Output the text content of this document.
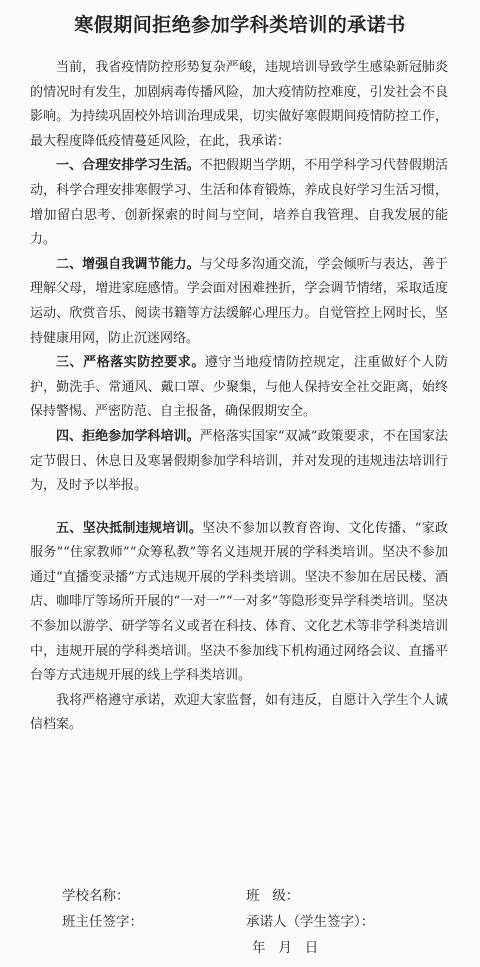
寒假期间拒绝参加学科类培训的承诺书

当前，我省疫情防控形势复杂严峻，违规培训导致学生感染新冠肺炎的情况时有发生，加剧病毒传播风险，加大疫情防控难度，引发社会不良影响。为持续巩固校外培训治理成果，切实做好寒假期间疫情防控工作，最大程度降低疫情蔓延风险，在此，我承诺：

一、合理安排学习生活。不把假期当学期，不用学科学习代替假期活动，科学合理安排寒假学习、生活和体育锻炼，养成良好学习生活习惯，增加留白思考、创新探索的时间与空间，培养自我管理、自我发展的能力。

二、增强自我调节能力。与父母多沟通交流，学会倾听与表达，善于理解父母，增进家庭感情。学会面对困难挫折，学会调节情绪，采取适度运动、欣赏音乐、阅读书籍等方法缓解心理压力。自觉管控上网时长，坚持健康用网，防止沉迷网络。

三、严格落实防控要求。遵守当地疫情防控规定，注重做好个人防护，勤洗手、常通风、戴口罩、少聚集，与他人保持安全社交距离，始终保持警惕、严密防范、自主报备，确保假期安全。

四、拒绝参加学科培训。严格落实国家“双减”政策要求，不在国家法定节假日、休息日及寒暑假期参加学科培训，并对发现的违规违法培训行为，及时予以举报。

五、坚决抵制违规培训。坚决不参加以教育咨询、文化传播、“家政服务”“住家教师”“众筹私教”等名义违规开展的学科类培训。坚决不参加通过“直播变录播”方式违规开展的学科类培训。坚决不参加在居民楼、酒店、咖啡厅等场所开展的“一对一”“一对多”等隐形变异学科类培训。坚决不参加以游学、研学等名义或者在科技、体育、文化艺术等非学科类培训中，违规开展的学科类培训。坚决不参加线下机构通过网络会议、直播平台等方式违规开展的线上学科类培训。

我将严格遵守承诺，欢迎大家监督，如有违反，自愿计入学生个人诚信档案。

学校名称：	班   级：
班主任签字：	承诺人（学生签字）：
年   月   日
